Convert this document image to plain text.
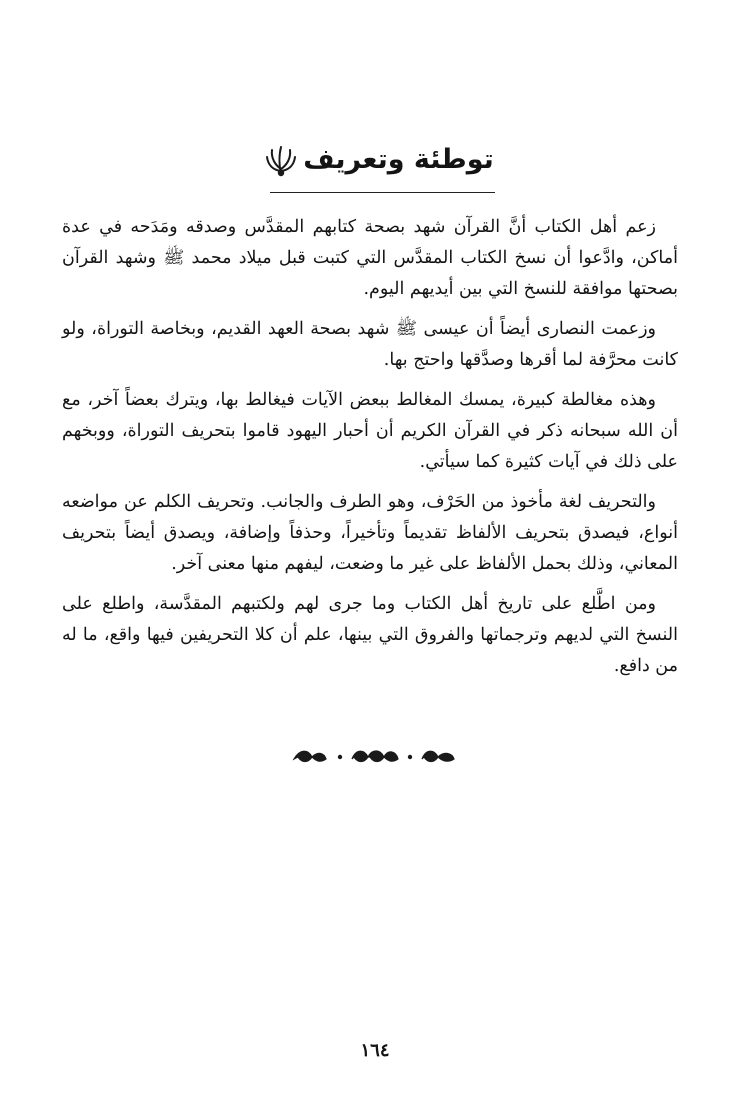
توطئة وتعريف

زعم أهل الكتاب أنَّ القرآن شهد بصحة كتابهم المقدَّس وصدقه ومَدَحه في عدة أماكن، وادَّعوا أن نسخ الكتاب المقدَّس التي كتبت قبل ميلاد محمد ﷺ وشهد القرآن بصحتها موافقة للنسخ التي بين أيديهم اليوم.

وزعمت النصارى أيضاً أن عيسى ﷺ شهد بصحة العهد القديم، وبخاصة التوراة، ولو كانت محرَّفة لما أقرها وصدَّقها واحتج بها.

وهذه مغالطة كبيرة، يمسك المغالط ببعض الآيات فيغالط بها، ويترك بعضاً آخر، مع أن الله سبحانه ذكر في القرآن الكريم أن أحبار اليهود قاموا بتحريف التوراة، ووبخهم على ذلك في آيات كثيرة كما سيأتي.

والتحريف لغة مأخوذ من الحَرْف، وهو الطرف والجانب. وتحريف الكلم عن مواضعه أنواع، فيصدق بتحريف الألفاظ تقديماً وتأخيراً، وحذفاً وإضافة، ويصدق أيضاً بتحريف المعاني، وذلك بحمل الألفاظ على غير ما وضعت، ليفهم منها معنى آخر.

ومن اطَّلع على تاريخ أهل الكتاب وما جرى لهم ولكتبهم المقدَّسة، واطلع على النسخ التي لديهم وترجماتها والفروق التي بينها، علم أن كلا التحريفين فيها واقع، ما له من دافع.

١٦٤
